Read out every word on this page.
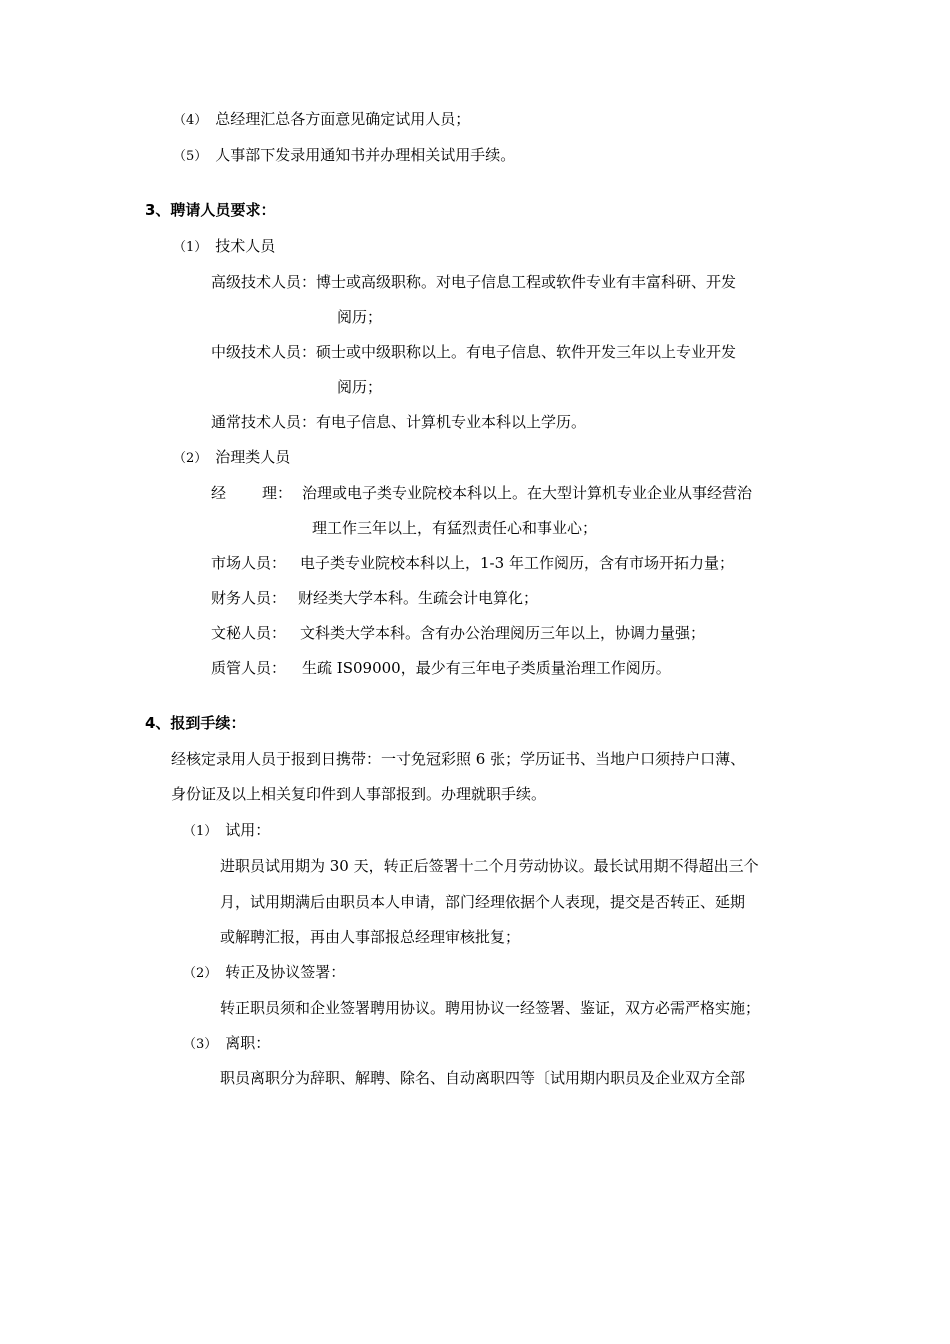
（4） 总经理汇总各方面意见确定试用人员；
（5） 人事部下发录用通知书并办理相关试用手续。
3、聘请人员要求：
（1） 技术人员
高级技术人员：博士或高级职称。对电子信息工程或软件专业有丰富科研、开发
阅历；
中级技术人员：硕士或中级职称以上。有电子信息、软件开发三年以上专业开发
阅历；
通常技术人员：有电子信息、计算机专业本科以上学历。
（2） 治理类人员
经 理： 治理或电子类专业院校本科以上。在大型计算机专业企业从事经营治
理工作三年以上，有猛烈责任心和事业心；
市场人员： 电子类专业院校本科以上，1-3 年工作阅历，含有市场开拓力量；
财务人员： 财经类大学本科。生疏会计电算化；
文秘人员： 文科类大学本科。含有办公治理阅历三年以上，协调力量强；
质管人员： 生疏 IS09000，最少有三年电子类质量治理工作阅历。
4、报到手续：
经核定录用人员于报到日携带：一寸免冠彩照 6 张；学历证书、当地户口须持户口薄、
身份证及以上相关复印件到人事部报到。办理就职手续。
（1） 试用：
进职员试用期为 30 天，转正后签署十二个月劳动协议。最长试用期不得超出三个
月，试用期满后由职员本人申请，部门经理依据个人表现，提交是否转正、延期
或解聘汇报，再由人事部报总经理审核批复；
（2） 转正及协议签署：
转正职员须和企业签署聘用协议。聘用协议一经签署、鉴证，双方必需严格实施；
（3） 离职：
职员离职分为辞职、解聘、除名、自动离职四等〔试用期内职员及企业双方全部
